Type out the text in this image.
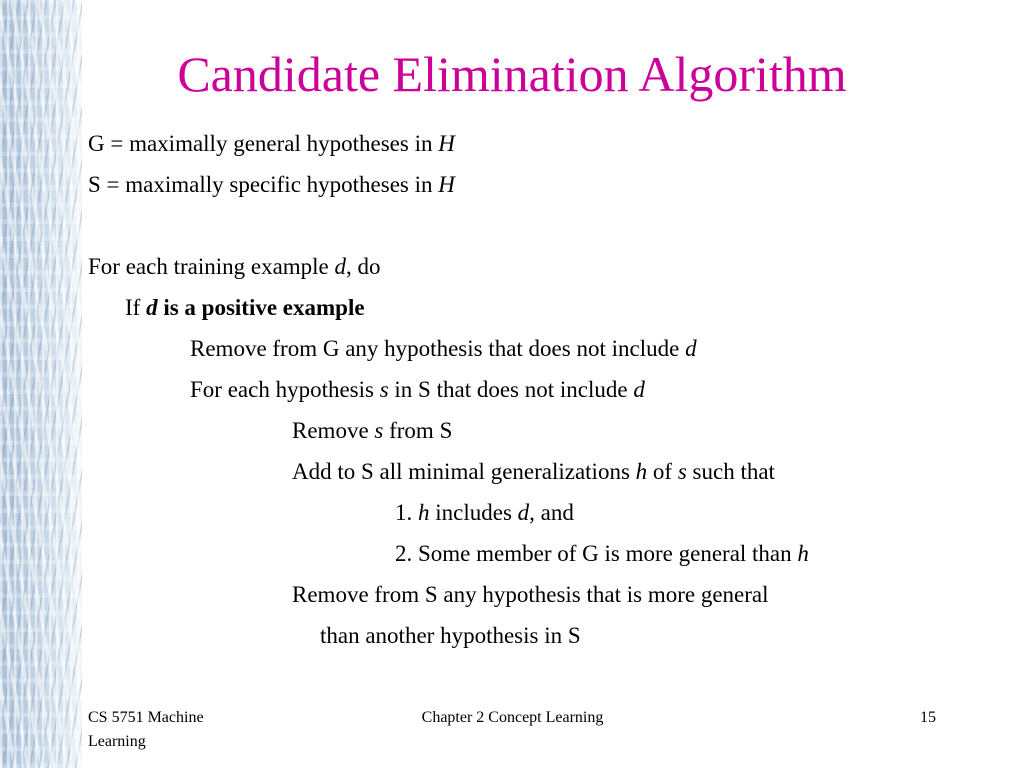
Candidate Elimination Algorithm
G = maximally general hypotheses in H
S = maximally specific hypotheses in H
For each training example d, do
If d is a positive example
Remove from G any hypothesis that does not include d
For each hypothesis s in S that does not include d
Remove s from S
Add to S all minimal generalizations h of s such that
1. h includes d, and
2. Some member of G is more general than h
Remove from S any hypothesis that is more general
than another hypothesis in S
CS 5751 Machine Learning
Chapter 2 Concept Learning	15
